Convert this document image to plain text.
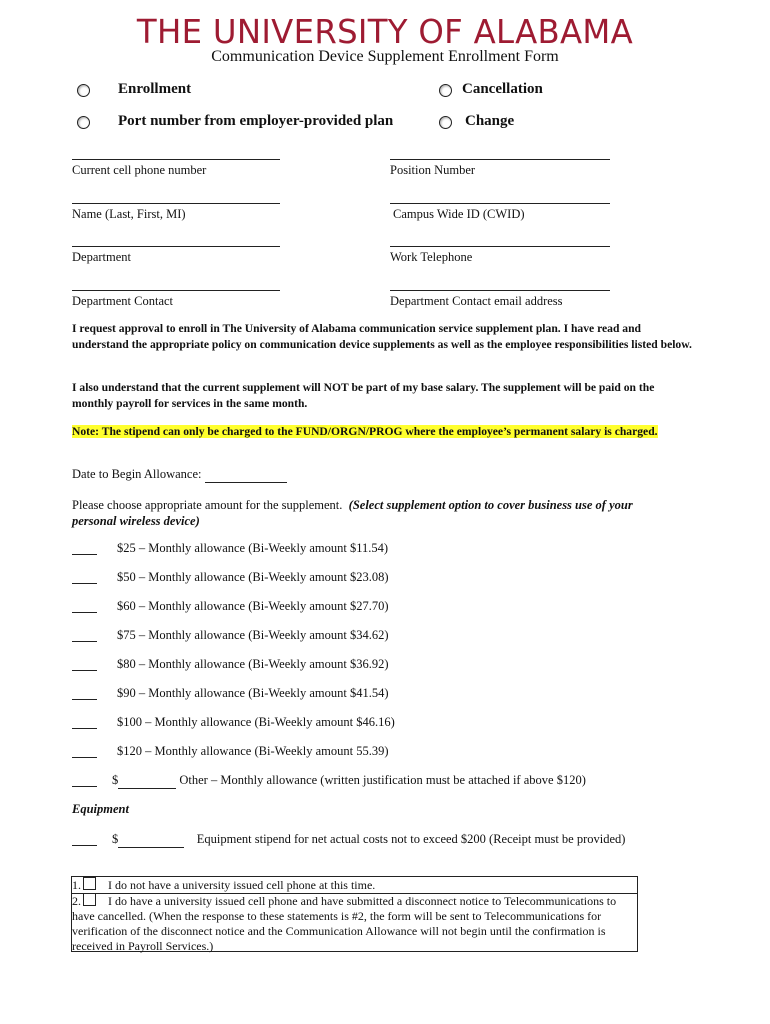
THE UNIVERSITY OF ALABAMA
Communication Device Supplement Enrollment Form
Enrollment	Cancellation
Port number from employer-provided plan	Change
Current cell phone number	Position Number
Name (Last, First, MI)	Campus Wide ID (CWID)
Department	Work Telephone
Department Contact	Department Contact email address
I request approval to enroll in The University of Alabama communication service supplement plan. I have read and understand the appropriate policy on communication device supplements as well as the employee responsibilities listed below.
I also understand that the current supplement will NOT be part of my base salary. The supplement will be paid on the monthly payroll for services in the same month.
Note: The stipend can only be charged to the FUND/ORGN/PROG where the employee’s permanent salary is charged.
Date to Begin Allowance:
Please choose appropriate amount for the supplement. (Select supplement option to cover business use of your personal wireless device)
$25 – Monthly allowance (Bi-Weekly amount $11.54)
$50 – Monthly allowance (Bi-Weekly amount $23.08)
$60 – Monthly allowance (Bi-Weekly amount $27.70)
$75 – Monthly allowance (Bi-Weekly amount $34.62)
$80 – Monthly allowance (Bi-Weekly amount $36.92)
$90 – Monthly allowance (Bi-Weekly amount $41.54)
$100 – Monthly allowance (Bi-Weekly amount $46.16)
$120 – Monthly allowance (Bi-Weekly amount 55.39)
$	Other – Monthly allowance (written justification must be attached if above $120)
Equipment
$	Equipment stipend for net actual costs not to exceed $200 (Receipt must be provided)
1. I do not have a university issued cell phone at this time.
2. I do have a university issued cell phone and have submitted a disconnect notice to Telecommunications to have cancelled. (When the response to these statements is #2, the form will be sent to Telecommunications for verification of the disconnect notice and the Communication Allowance will not begin until the confirmation is received in Payroll Services.)
